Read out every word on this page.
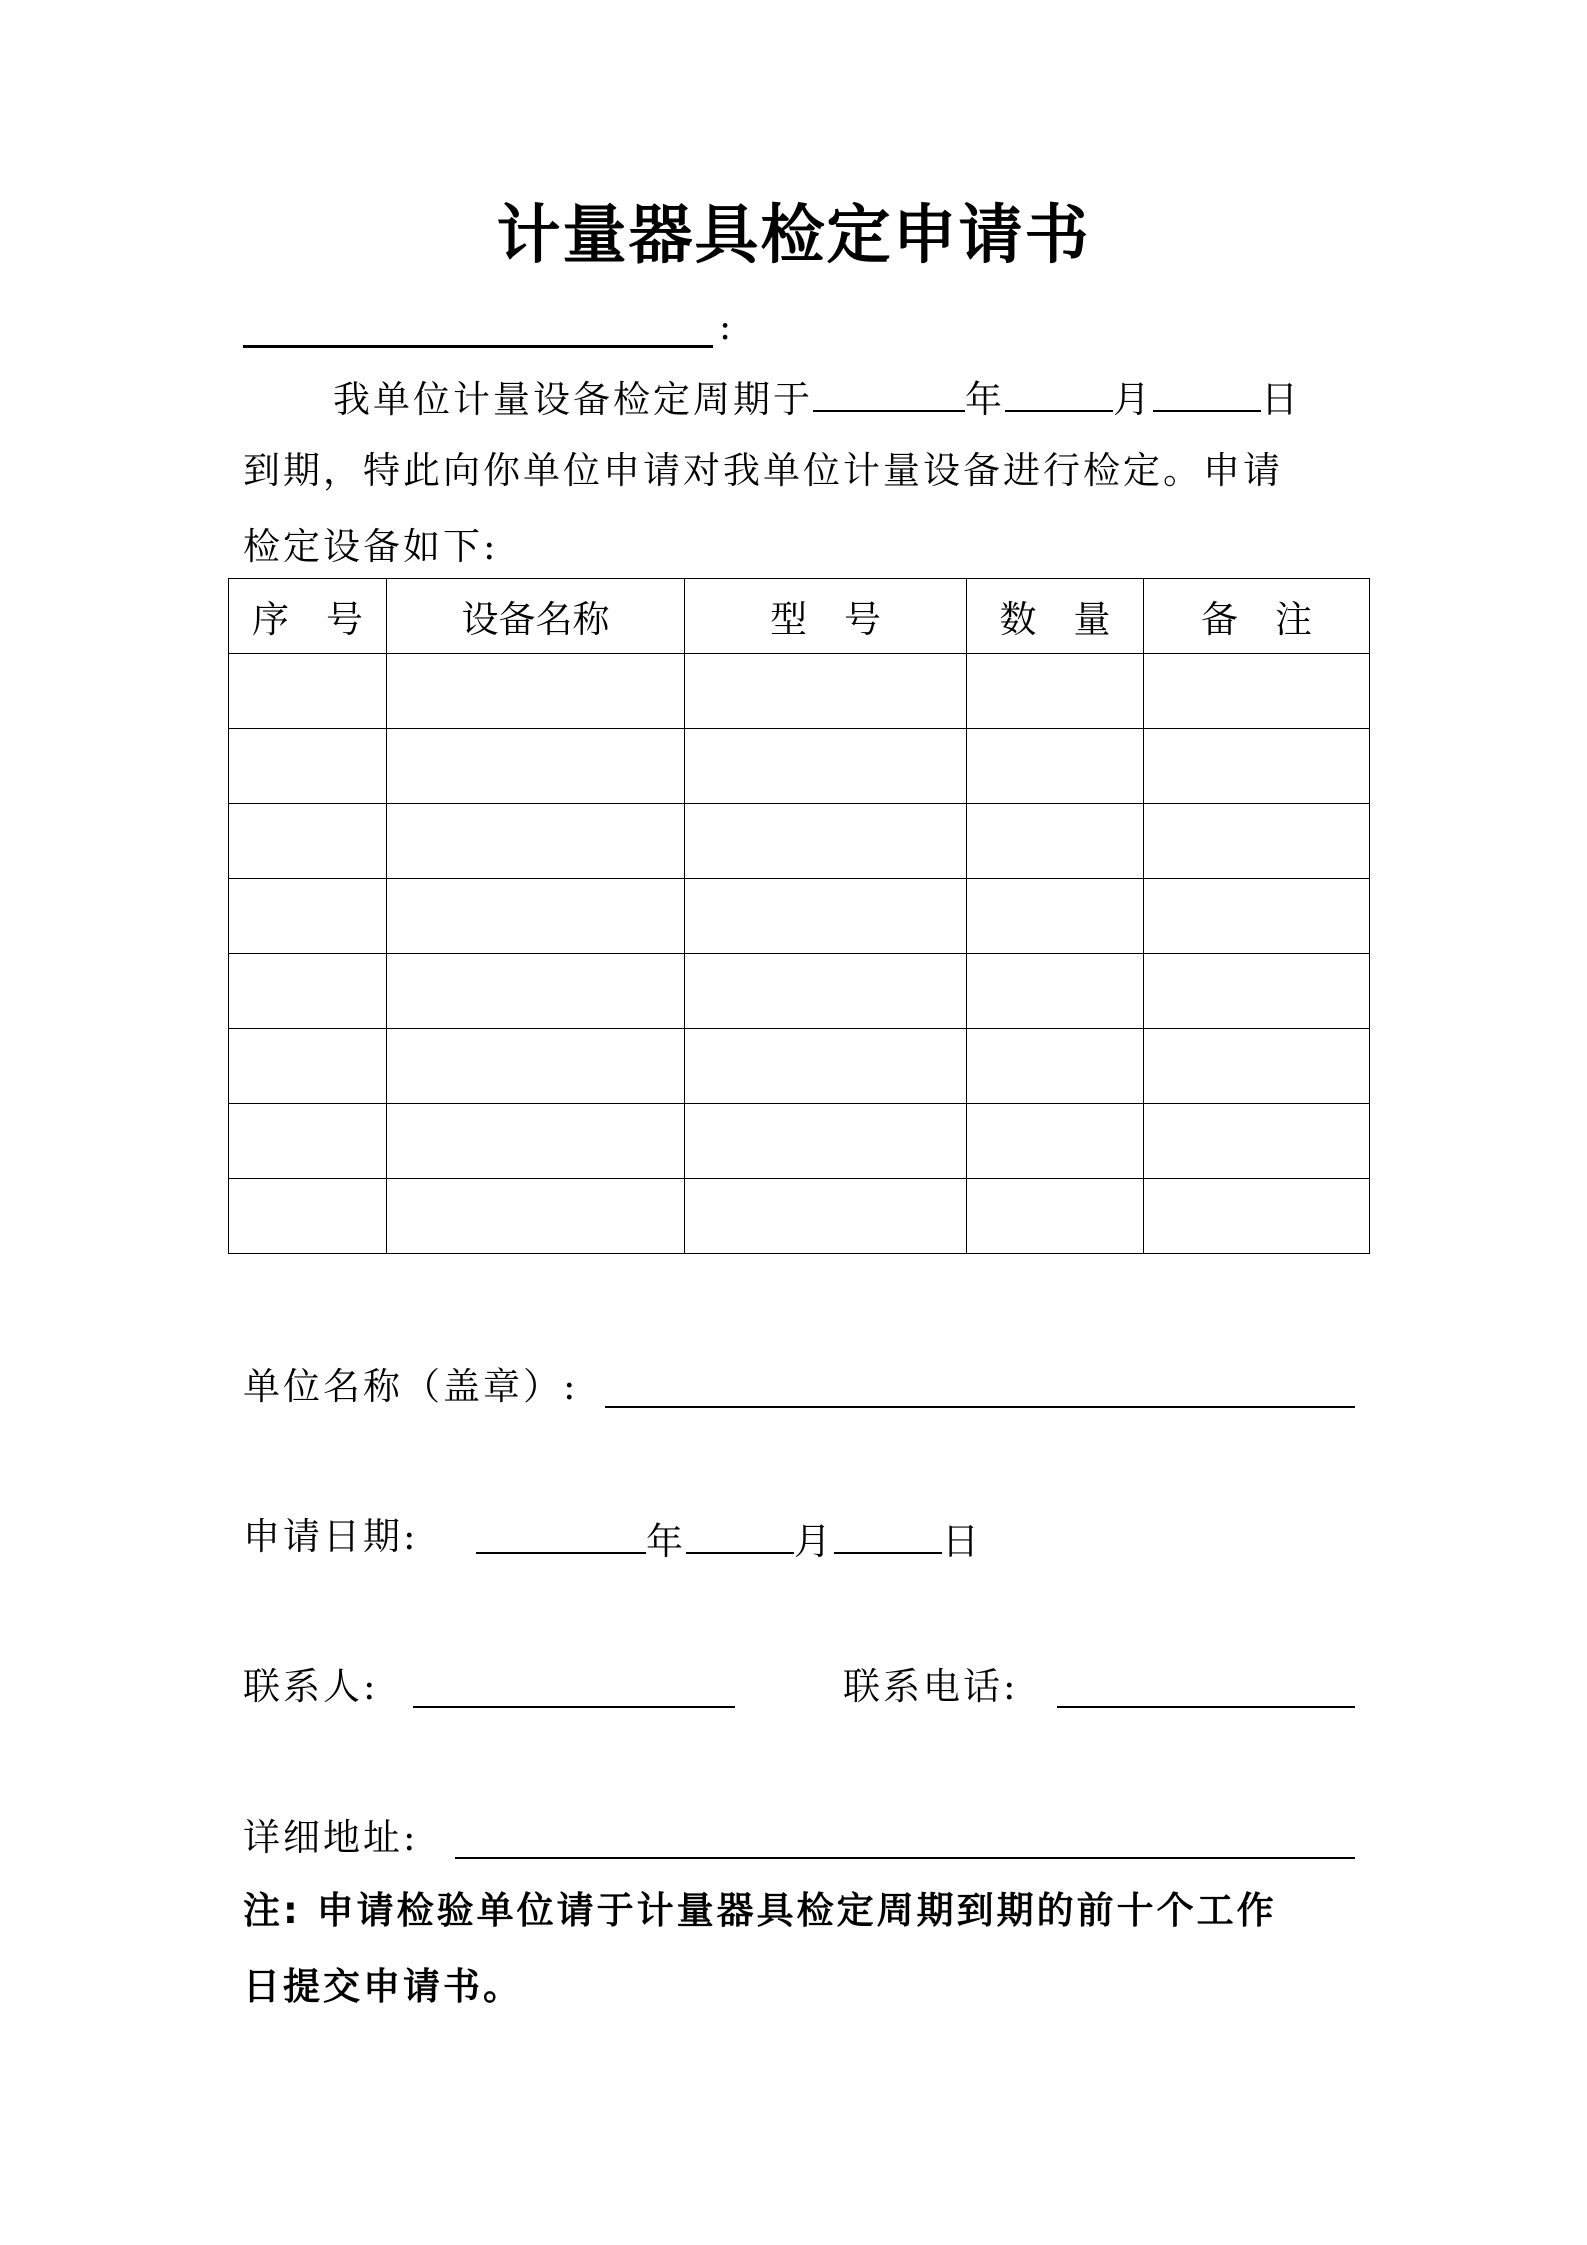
计量器具检定申请书
:
我单位计量设备检定周期于	年	月	日
到期，特此向你单位申请对我单位计量设备进行检定。申请
检定设备如下:
序　号	设备名称	型　号	数　量	备　注

单位名称（盖章）:
申请日期:	年	月	日
联系人:	联系电话:
详细地址:
注: 申请检验单位请于计量器具检定周期到期的前十个工作
日提交申请书。
